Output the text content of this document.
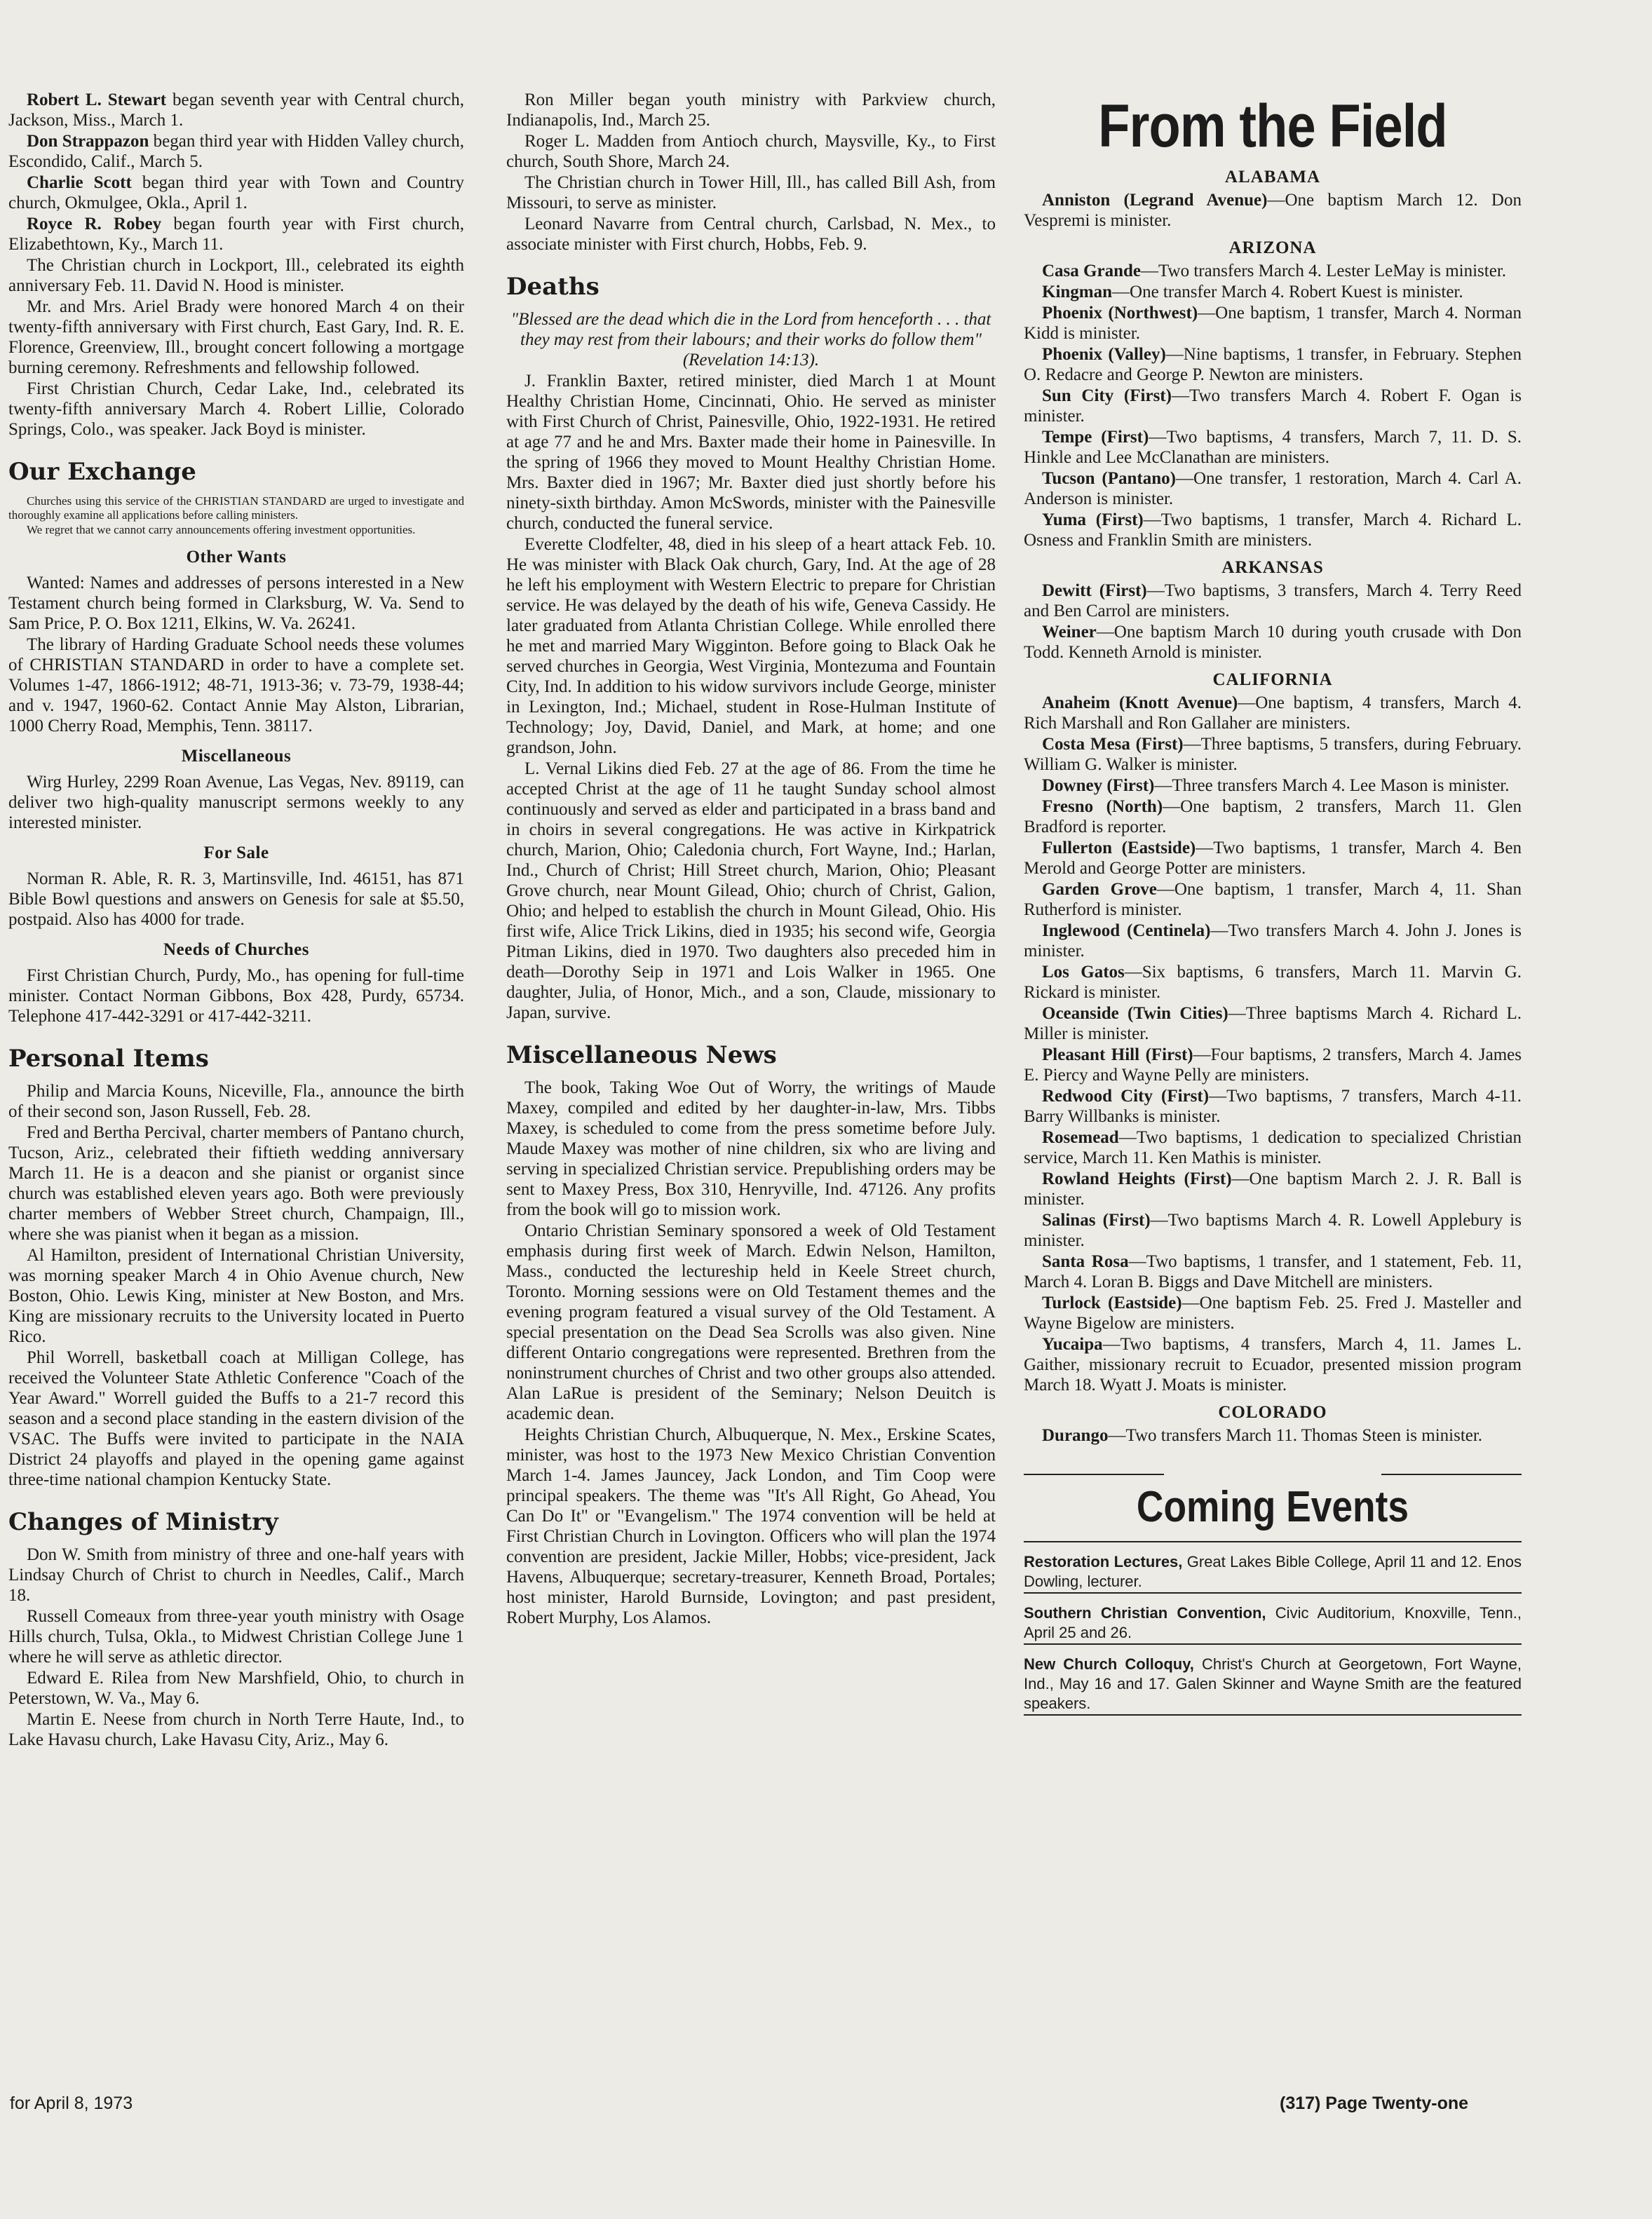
Robert L. Stewart began seventh year with Central church, Jackson, Miss., March 1.

Don Strappazon began third year with Hidden Valley church, Escondido, Calif., March 5.

Charlie Scott began third year with Town and Country church, Okmulgee, Okla., April 1.

Royce R. Robey began fourth year with First church, Elizabethtown, Ky., March 11.

The Christian church in Lockport, Ill., celebrated its eighth anniversary Feb. 11. David N. Hood is minister.

Mr. and Mrs. Ariel Brady were honored March 4 on their twenty-fifth anniversary with First church, East Gary, Ind. R. E. Florence, Greenview, Ill., brought concert following a mortgage burning ceremony. Refreshments and fellowship followed.

First Christian Church, Cedar Lake, Ind., celebrated its twenty-fifth anniversary March 4. Robert Lillie, Colorado Springs, Colo., was speaker. Jack Boyd is minister.

Our Exchange

Churches using this service of the CHRISTIAN STANDARD are urged to investigate and thoroughly examine all applications before calling ministers.

We regret that we cannot carry announcements offering investment opportunities.

Other Wants

Wanted: Names and addresses of persons interested in a New Testament church being formed in Clarksburg, W. Va. Send to Sam Price, P. O. Box 1211, Elkins, W. Va. 26241.

The library of Harding Graduate School needs these volumes of CHRISTIAN STANDARD in order to have a complete set. Volumes 1-47, 1866-1912; 48-71, 1913-36; v. 73-79, 1938-44; and v. 1947, 1960-62. Contact Annie May Alston, Librarian, 1000 Cherry Road, Memphis, Tenn. 38117.

Miscellaneous

Wirg Hurley, 2299 Roan Avenue, Las Vegas, Nev. 89119, can deliver two high-quality manuscript sermons weekly to any interested minister.

For Sale

Norman R. Able, R. R. 3, Martinsville, Ind. 46151, has 871 Bible Bowl questions and answers on Genesis for sale at $5.50, postpaid. Also has 4000 for trade.

Needs of Churches

First Christian Church, Purdy, Mo., has opening for full-time minister. Contact Norman Gibbons, Box 428, Purdy, 65734. Telephone 417-442-3291 or 417-442-3211.

Personal Items

Philip and Marcia Kouns, Niceville, Fla., announce the birth of their second son, Jason Russell, Feb. 28.

Fred and Bertha Percival, charter members of Pantano church, Tucson, Ariz., celebrated their fiftieth wedding anniversary March 11. He is a deacon and she pianist or organist since church was established eleven years ago. Both were previously charter members of Webber Street church, Champaign, Ill., where she was pianist when it began as a mission.

Al Hamilton, president of International Christian University, was morning speaker March 4 in Ohio Avenue church, New Boston, Ohio. Lewis King, minister at New Boston, and Mrs. King are missionary recruits to the University located in Puerto Rico.

Phil Worrell, basketball coach at Milligan College, has received the Volunteer State Athletic Conference "Coach of the Year Award." Worrell guided the Buffs to a 21-7 record this season and a second place standing in the eastern division of the VSAC. The Buffs were invited to participate in the NAIA District 24 playoffs and played in the opening game against three-time national champion Kentucky State.

Changes of Ministry

Don W. Smith from ministry of three and one-half years with Lindsay Church of Christ to church in Needles, Calif., March 18.

Russell Comeaux from three-year youth ministry with Osage Hills church, Tulsa, Okla., to Midwest Christian College June 1 where he will serve as athletic director.

Edward E. Rilea from New Marshfield, Ohio, to church in Peterstown, W. Va., May 6.

Martin E. Neese from church in North Terre Haute, Ind., to Lake Havasu church, Lake Havasu City, Ariz., May 6.

Ron Miller began youth ministry with Parkview church, Indianapolis, Ind., March 25.

Roger L. Madden from Antioch church, Maysville, Ky., to First church, South Shore, March 24.

The Christian church in Tower Hill, Ill., has called Bill Ash, from Missouri, to serve as minister.

Leonard Navarre from Central church, Carlsbad, N. Mex., to associate minister with First church, Hobbs, Feb. 9.

Deaths

"Blessed are the dead which die in the Lord from henceforth . . . that they may rest from their labours; and their works do follow them" (Revelation 14:13).

J. Franklin Baxter, retired minister, died March 1 at Mount Healthy Christian Home, Cincinnati, Ohio. He served as minister with First Church of Christ, Painesville, Ohio, 1922-1931. He retired at age 77 and he and Mrs. Baxter made their home in Painesville. In the spring of 1966 they moved to Mount Healthy Christian Home. Mrs. Baxter died in 1967; Mr. Baxter died just shortly before his ninety-sixth birthday. Amon McSwords, minister with the Painesville church, conducted the funeral service.

Everette Clodfelter, 48, died in his sleep of a heart attack Feb. 10. He was minister with Black Oak church, Gary, Ind. At the age of 28 he left his employment with Western Electric to prepare for Christian service. He was delayed by the death of his wife, Geneva Cassidy. He later graduated from Atlanta Christian College. While enrolled there he met and married Mary Wigginton. Before going to Black Oak he served churches in Georgia, West Virginia, Montezuma and Fountain City, Ind. In addition to his widow survivors include George, minister in Lexington, Ind.; Michael, student in Rose-Hulman Institute of Technology; Joy, David, Daniel, and Mark, at home; and one grandson, John.

L. Vernal Likins died Feb. 27 at the age of 86. From the time he accepted Christ at the age of 11 he taught Sunday school almost continuously and served as elder and participated in a brass band and in choirs in several congregations. He was active in Kirkpatrick church, Marion, Ohio; Caledonia church, Fort Wayne, Ind.; Harlan, Ind., Church of Christ; Hill Street church, Marion, Ohio; Pleasant Grove church, near Mount Gilead, Ohio; church of Christ, Galion, Ohio; and helped to establish the church in Mount Gilead, Ohio. His first wife, Alice Trick Likins, died in 1935; his second wife, Georgia Pitman Likins, died in 1970. Two daughters also preceded him in death—Dorothy Seip in 1971 and Lois Walker in 1965. One daughter, Julia, of Honor, Mich., and a son, Claude, missionary to Japan, survive.

Miscellaneous News

The book, Taking Woe Out of Worry, the writings of Maude Maxey, compiled and edited by her daughter-in-law, Mrs. Tibbs Maxey, is scheduled to come from the press sometime before July. Maude Maxey was mother of nine children, six who are living and serving in specialized Christian service. Prepublishing orders may be sent to Maxey Press, Box 310, Henryville, Ind. 47126. Any profits from the book will go to mission work.

Ontario Christian Seminary sponsored a week of Old Testament emphasis during first week of March. Edwin Nelson, Hamilton, Mass., conducted the lectureship held in Keele Street church, Toronto. Morning sessions were on Old Testament themes and the evening program featured a visual survey of the Old Testament. A special presentation on the Dead Sea Scrolls was also given. Nine different Ontario congregations were represented. Brethren from the noninstrument churches of Christ and two other groups also attended. Alan LaRue is president of the Seminary; Nelson Deuitch is academic dean.

Heights Christian Church, Albuquerque, N. Mex., Erskine Scates, minister, was host to the 1973 New Mexico Christian Convention March 1-4. James Jauncey, Jack London, and Tim Coop were principal speakers. The theme was "It's All Right, Go Ahead, You Can Do It" or "Evangelism." The 1974 convention will be held at First Christian Church in Lovington. Officers who will plan the 1974 convention are president, Jackie Miller, Hobbs; vice-president, Jack Havens, Albuquerque; secretary-treasurer, Kenneth Broad, Portales; host minister, Harold Burnside, Lovington; and past president, Robert Murphy, Los Alamos.

From the Field
ALABAMA

Anniston (Legrand Avenue)—One baptism March 12. Don Vespremi is minister.

ARIZONA

Casa Grande—Two transfers March 4. Lester LeMay is minister.

Kingman—One transfer March 4. Robert Kuest is minister.

Phoenix (Northwest)—One baptism, 1 transfer, March 4. Norman Kidd is minister.

Phoenix (Valley)—Nine baptisms, 1 transfer, in February. Stephen O. Redacre and George P. Newton are ministers.

Sun City (First)—Two transfers March 4. Robert F. Ogan is minister.

Tempe (First)—Two baptisms, 4 transfers, March 7, 11. D. S. Hinkle and Lee McClanathan are ministers.

Tucson (Pantano)—One transfer, 1 restoration, March 4. Carl A. Anderson is minister.

Yuma (First)—Two baptisms, 1 transfer, March 4. Richard L. Osness and Franklin Smith are ministers.

ARKANSAS

Dewitt (First)—Two baptisms, 3 transfers, March 4. Terry Reed and Ben Carrol are ministers.

Weiner—One baptism March 10 during youth crusade with Don Todd. Kenneth Arnold is minister.

CALIFORNIA

Anaheim (Knott Avenue)—One baptism, 4 transfers, March 4. Rich Marshall and Ron Gallaher are ministers.

Costa Mesa (First)—Three baptisms, 5 transfers, during February. William G. Walker is minister.

Downey (First)—Three transfers March 4. Lee Mason is minister.

Fresno (North)—One baptism, 2 transfers, March 11. Glen Bradford is reporter.

Fullerton (Eastside)—Two baptisms, 1 transfer, March 4. Ben Merold and George Potter are ministers.

Garden Grove—One baptism, 1 transfer, March 4, 11. Shan Rutherford is minister.

Inglewood (Centinela)—Two transfers March 4. John J. Jones is minister.

Los Gatos—Six baptisms, 6 transfers, March 11. Marvin G. Rickard is minister.

Oceanside (Twin Cities)—Three baptisms March 4. Richard L. Miller is minister.

Pleasant Hill (First)—Four baptisms, 2 transfers, March 4. James E. Piercy and Wayne Pelly are ministers.

Redwood City (First)—Two baptisms, 7 transfers, March 4-11. Barry Willbanks is minister.

Rosemead—Two baptisms, 1 dedication to specialized Christian service, March 11. Ken Mathis is minister.

Rowland Heights (First)—One baptism March 2. J. R. Ball is minister.

Salinas (First)—Two baptisms March 4. R. Lowell Applebury is minister.

Santa Rosa—Two baptisms, 1 transfer, and 1 statement, Feb. 11, March 4. Loran B. Biggs and Dave Mitchell are ministers.

Turlock (Eastside)—One baptism Feb. 25. Fred J. Masteller and Wayne Bigelow are ministers.

Yucaipa—Two baptisms, 4 transfers, March 4, 11. James L. Gaither, missionary recruit to Ecuador, presented mission program March 18. Wyatt J. Moats is minister.

COLORADO

Durango—Two transfers March 11. Thomas Steen is minister.

Coming Events

Restoration Lectures, Great Lakes Bible College, April 11 and 12. Enos Dowling, lecturer.

Southern Christian Convention, Civic Auditorium, Knoxville, Tenn., April 25 and 26.

New Church Colloquy, Christ's Church at Georgetown, Fort Wayne, Ind., May 16 and 17. Galen Skinner and Wayne Smith are the featured speakers.

for April 8, 1973	(317) Page Twenty-one
